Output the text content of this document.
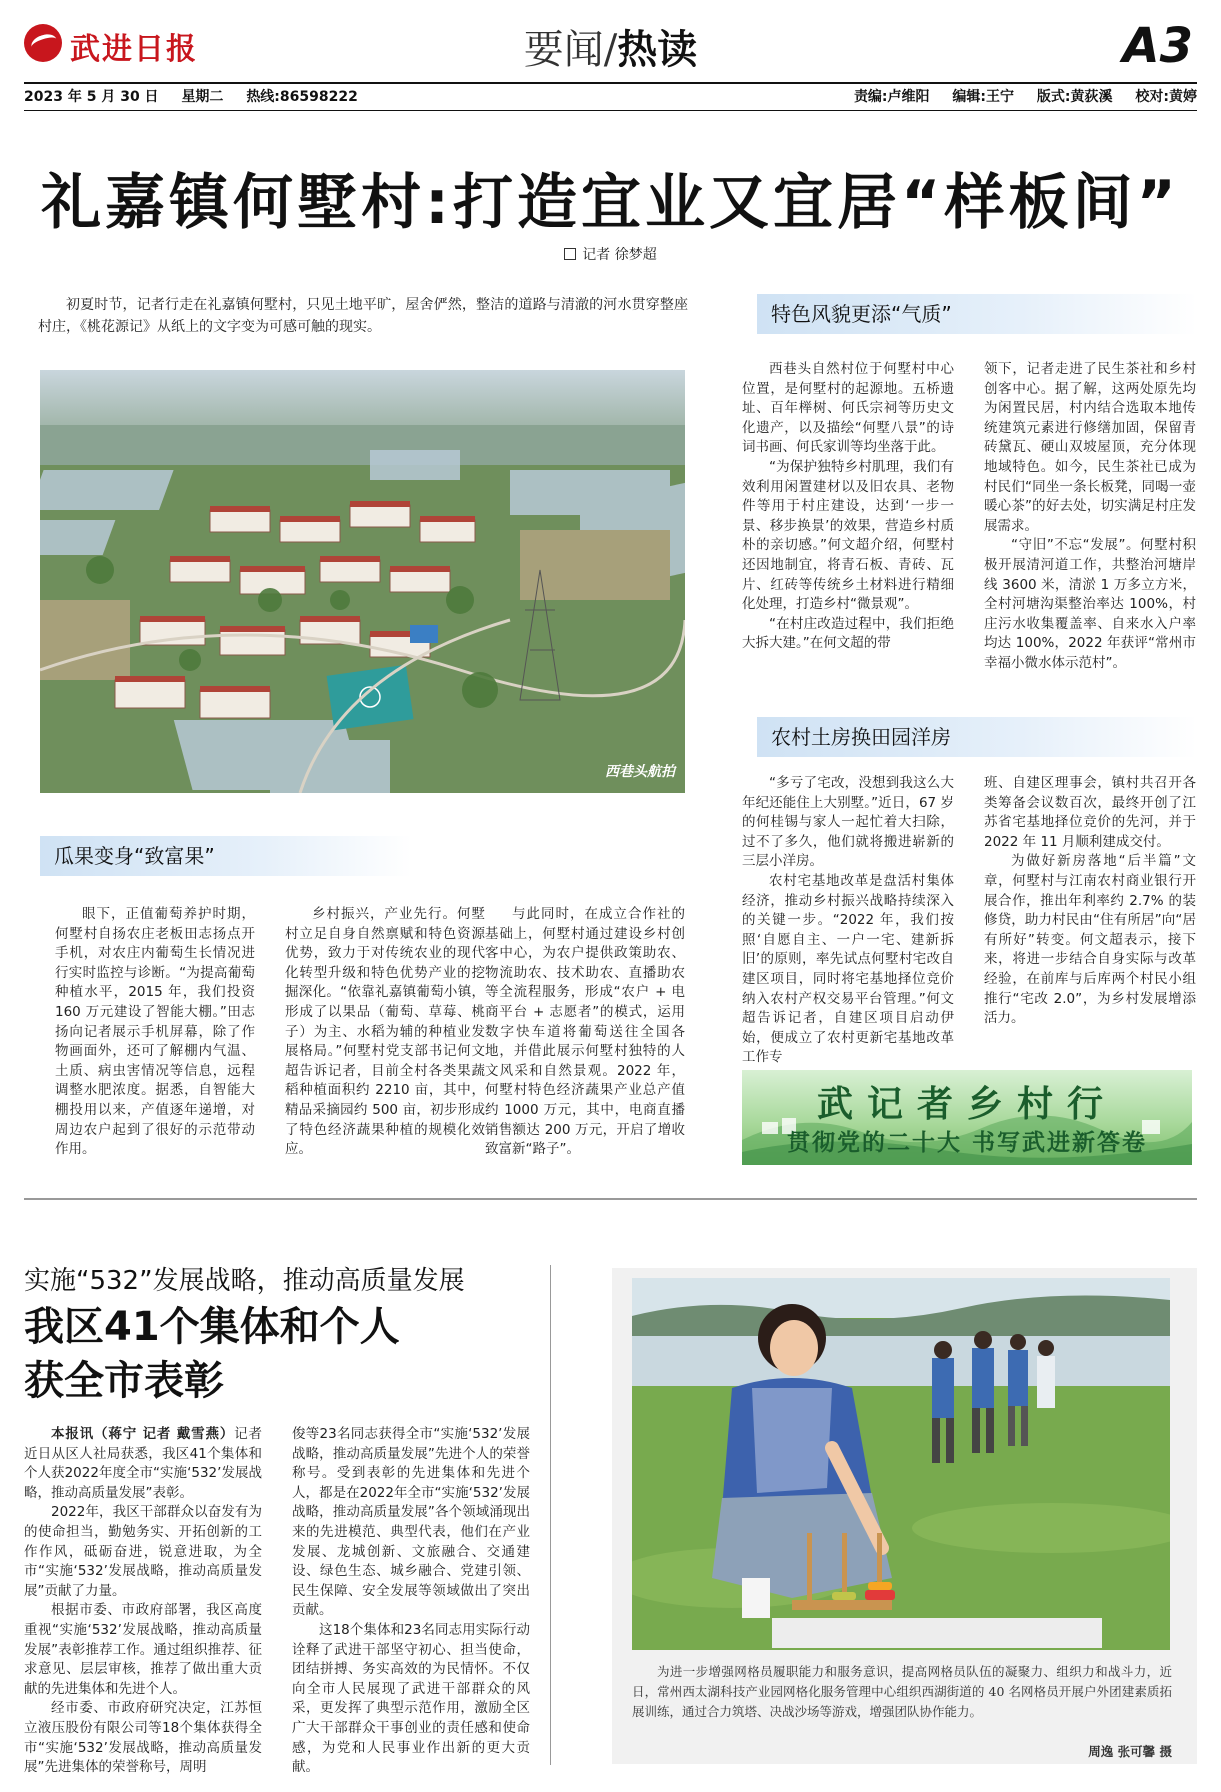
武进日报	要闻/热读	A3
2023 年 5 月 30 日 星期二 热线:86598222	责编:卢维阳 编辑:王宁 版式:黄荻溪 校对:黄婷
礼嘉镇何墅村:打造宜业又宜居“样板间”
记者 徐梦超

初夏时节，记者行走在礼嘉镇何墅村，只见土地平旷，屋舍俨然，整洁的道路与清澈的河水贯穿整座村庄，《桃花源记》从纸上的文字变为可感可触的现实。

西巷头航拍
特色风貌更添“气质”
农村土房换田园洋房
瓜果变身“致富果”

西巷头自然村位于何墅村中心位置，是何墅村的起源地。五桥遗址、百年榉树、何氏宗祠等历史文化遗产，以及描绘“何墅八景”的诗词书画、何氏家训等均坐落于此。

“为保护独特乡村肌理，我们有效利用闲置建材以及旧农具、老物件等用于村庄建设，达到‘一步一景、移步换景’的效果，营造乡村质朴的亲切感。”何文超介绍，何墅村还因地制宜，将青石板、青砖、瓦片、红砖等传统乡土材料进行精细化处理，打造乡村“微景观”。

“在村庄改造过程中，我们拒绝大拆大建。”在何文超的带

领下，记者走进了民生茶社和乡村创客中心。据了解，这两处原先均为闲置民居，村内结合选取本地传统建筑元素进行修缮加固，保留青砖黛瓦、硬山双坡屋顶，充分体现地域特色。如今，民生茶社已成为村民们“同坐一条长板凳，同喝一壶暖心茶”的好去处，切实满足村庄发展需求。

“守旧”不忘“发展”。何墅村积极开展清河道工作，共整治河塘岸线 3600 米，清淤 1 万多立方米，全村河塘沟渠整治率达 100%，村庄污水收集覆盖率、自来水入户率均达 100%，2022 年获评“常州市幸福小微水体示范村”。

“多亏了宅改，没想到我这么大年纪还能住上大别墅。”近日，67 岁的何桂锡与家人一起忙着大扫除，过不了多久，他们就将搬进崭新的三层小洋房。

农村宅基地改革是盘活村集体经济，推动乡村振兴战略持续深入的关键一步。“2022 年，我们按照‘自愿自主、一户一宅、建新拆旧’的原则，率先试点何墅村宅改自建区项目，同时将宅基地择位竞价纳入农村产权交易平台管理。”何文超告诉记者，自建区项目启动伊始，便成立了农村更新宅基地改革工作专

班、自建区理事会，镇村共召开各类筹备会议数百次，最终开创了江苏省宅基地择位竞价的先河，并于 2022 年 11 月顺利建成交付。

为做好新房落地“后半篇”文章，何墅村与江南农村商业银行开展合作，推出年利率约 2.7% 的装修贷，助力村民由“住有所居”向“居有所好”转变。何文超表示，接下来，将进一步结合自身实际与改革经验，在前库与后库两个村民小组推行“宅改 2.0”，为乡村发展增添活力。

眼下，正值葡萄养护时期，何墅村自扬农庄老板田志扬点开手机，对农庄内葡萄生长情况进行实时监控与诊断。“为提高葡萄种植水平，2015 年，我们投资 160 万元建设了智能大棚。”田志扬向记者展示手机屏幕，除了作物画面外，还可了解棚内气温、土质、病虫害情况等信息，远程调整水肥浓度。据悉，自智能大棚投用以来，产值逐年递增，对周边农户起到了很好的示范带动作用。

乡村振兴，产业先行。何墅村立足自身自然禀赋和特色资源优势，致力于对传统农业的现代化转型升级和特色优势产业的挖掘深化。“依靠礼嘉镇葡萄小镇，形成了以果品（葡萄、草莓、桃子）为主、水稻为辅的种植业发展格局。”何墅村党支部书记何文超告诉记者，目前全村各类果蔬稻种植面积约 2210 亩，其中，精品采摘园约 500 亩，初步形成了特色经济蔬果种植的规模化效应。

与此同时，在成立合作社的基础上，何墅村通过建设乡村创客中心，为农户提供政策助农、物流助农、技术助农、直播助农等全流程服务，形成“农户 + 电商平台 + 志愿者”的模式，运用数字快车道将葡萄送往全国各地，并借此展示何墅村独特的人文风采和自然景观。2022 年，何墅村特色经济蔬果产业总产值约 1000 万元，其中，电商直播销售额达 200 万元，开启了增收致富新“路子”。

武记者乡村行
贯彻党的二十大 书写武进新答卷
实施“532”发展战略，推动高质量发展
我区41个集体和个人
获全市表彰

本报讯（蒋宁 记者 戴雪燕）记者近日从区人社局获悉，我区41个集体和个人获2022年度全市“实施‘532’发展战略，推动高质量发展”表彰。

2022年，我区干部群众以奋发有为的使命担当，勤勉务实、开拓创新的工作作风，砥砺奋进，锐意进取，为全市“实施‘532’发展战略，推动高质量发展”贡献了力量。

根据市委、市政府部署，我区高度重视“实施‘532’发展战略，推动高质量发展”表彰推荐工作。通过组织推荐、征求意见、层层审核，推荐了做出重大贡献的先进集体和先进个人。

经市委、市政府研究决定，江苏恒立液压股份有限公司等18个集体获得全市“实施‘532’发展战略，推动高质量发展”先进集体的荣誉称号，周明

俊等23名同志获得全市“实施‘532’发展战略，推动高质量发展”先进个人的荣誉称号。受到表彰的先进集体和先进个人，都是在2022年全市“实施‘532’发展战略，推动高质量发展”各个领域涌现出来的先进模范、典型代表，他们在产业发展、龙城创新、文旅融合、交通建设、绿色生态、城乡融合、党建引领、民生保障、安全发展等领域做出了突出贡献。

这18个集体和23名同志用实际行动诠释了武进干部坚守初心、担当使命，团结拼搏、务实高效的为民情怀。不仅向全市人民展现了武进干部群众的风采，更发挥了典型示范作用，激励全区广大干部群众干事创业的责任感和使命感，为党和人民事业作出新的更大贡献。

为进一步增强网格员履职能力和服务意识，提高网格员队伍的凝聚力、组织力和战斗力，近日，常州西太湖科技产业园网格化服务管理中心组织西湖街道的 40 名网格员开展户外团建素质拓展训练，通过合力筑塔、决战沙场等游戏，增强团队协作能力。
周逸 张可馨 摄
